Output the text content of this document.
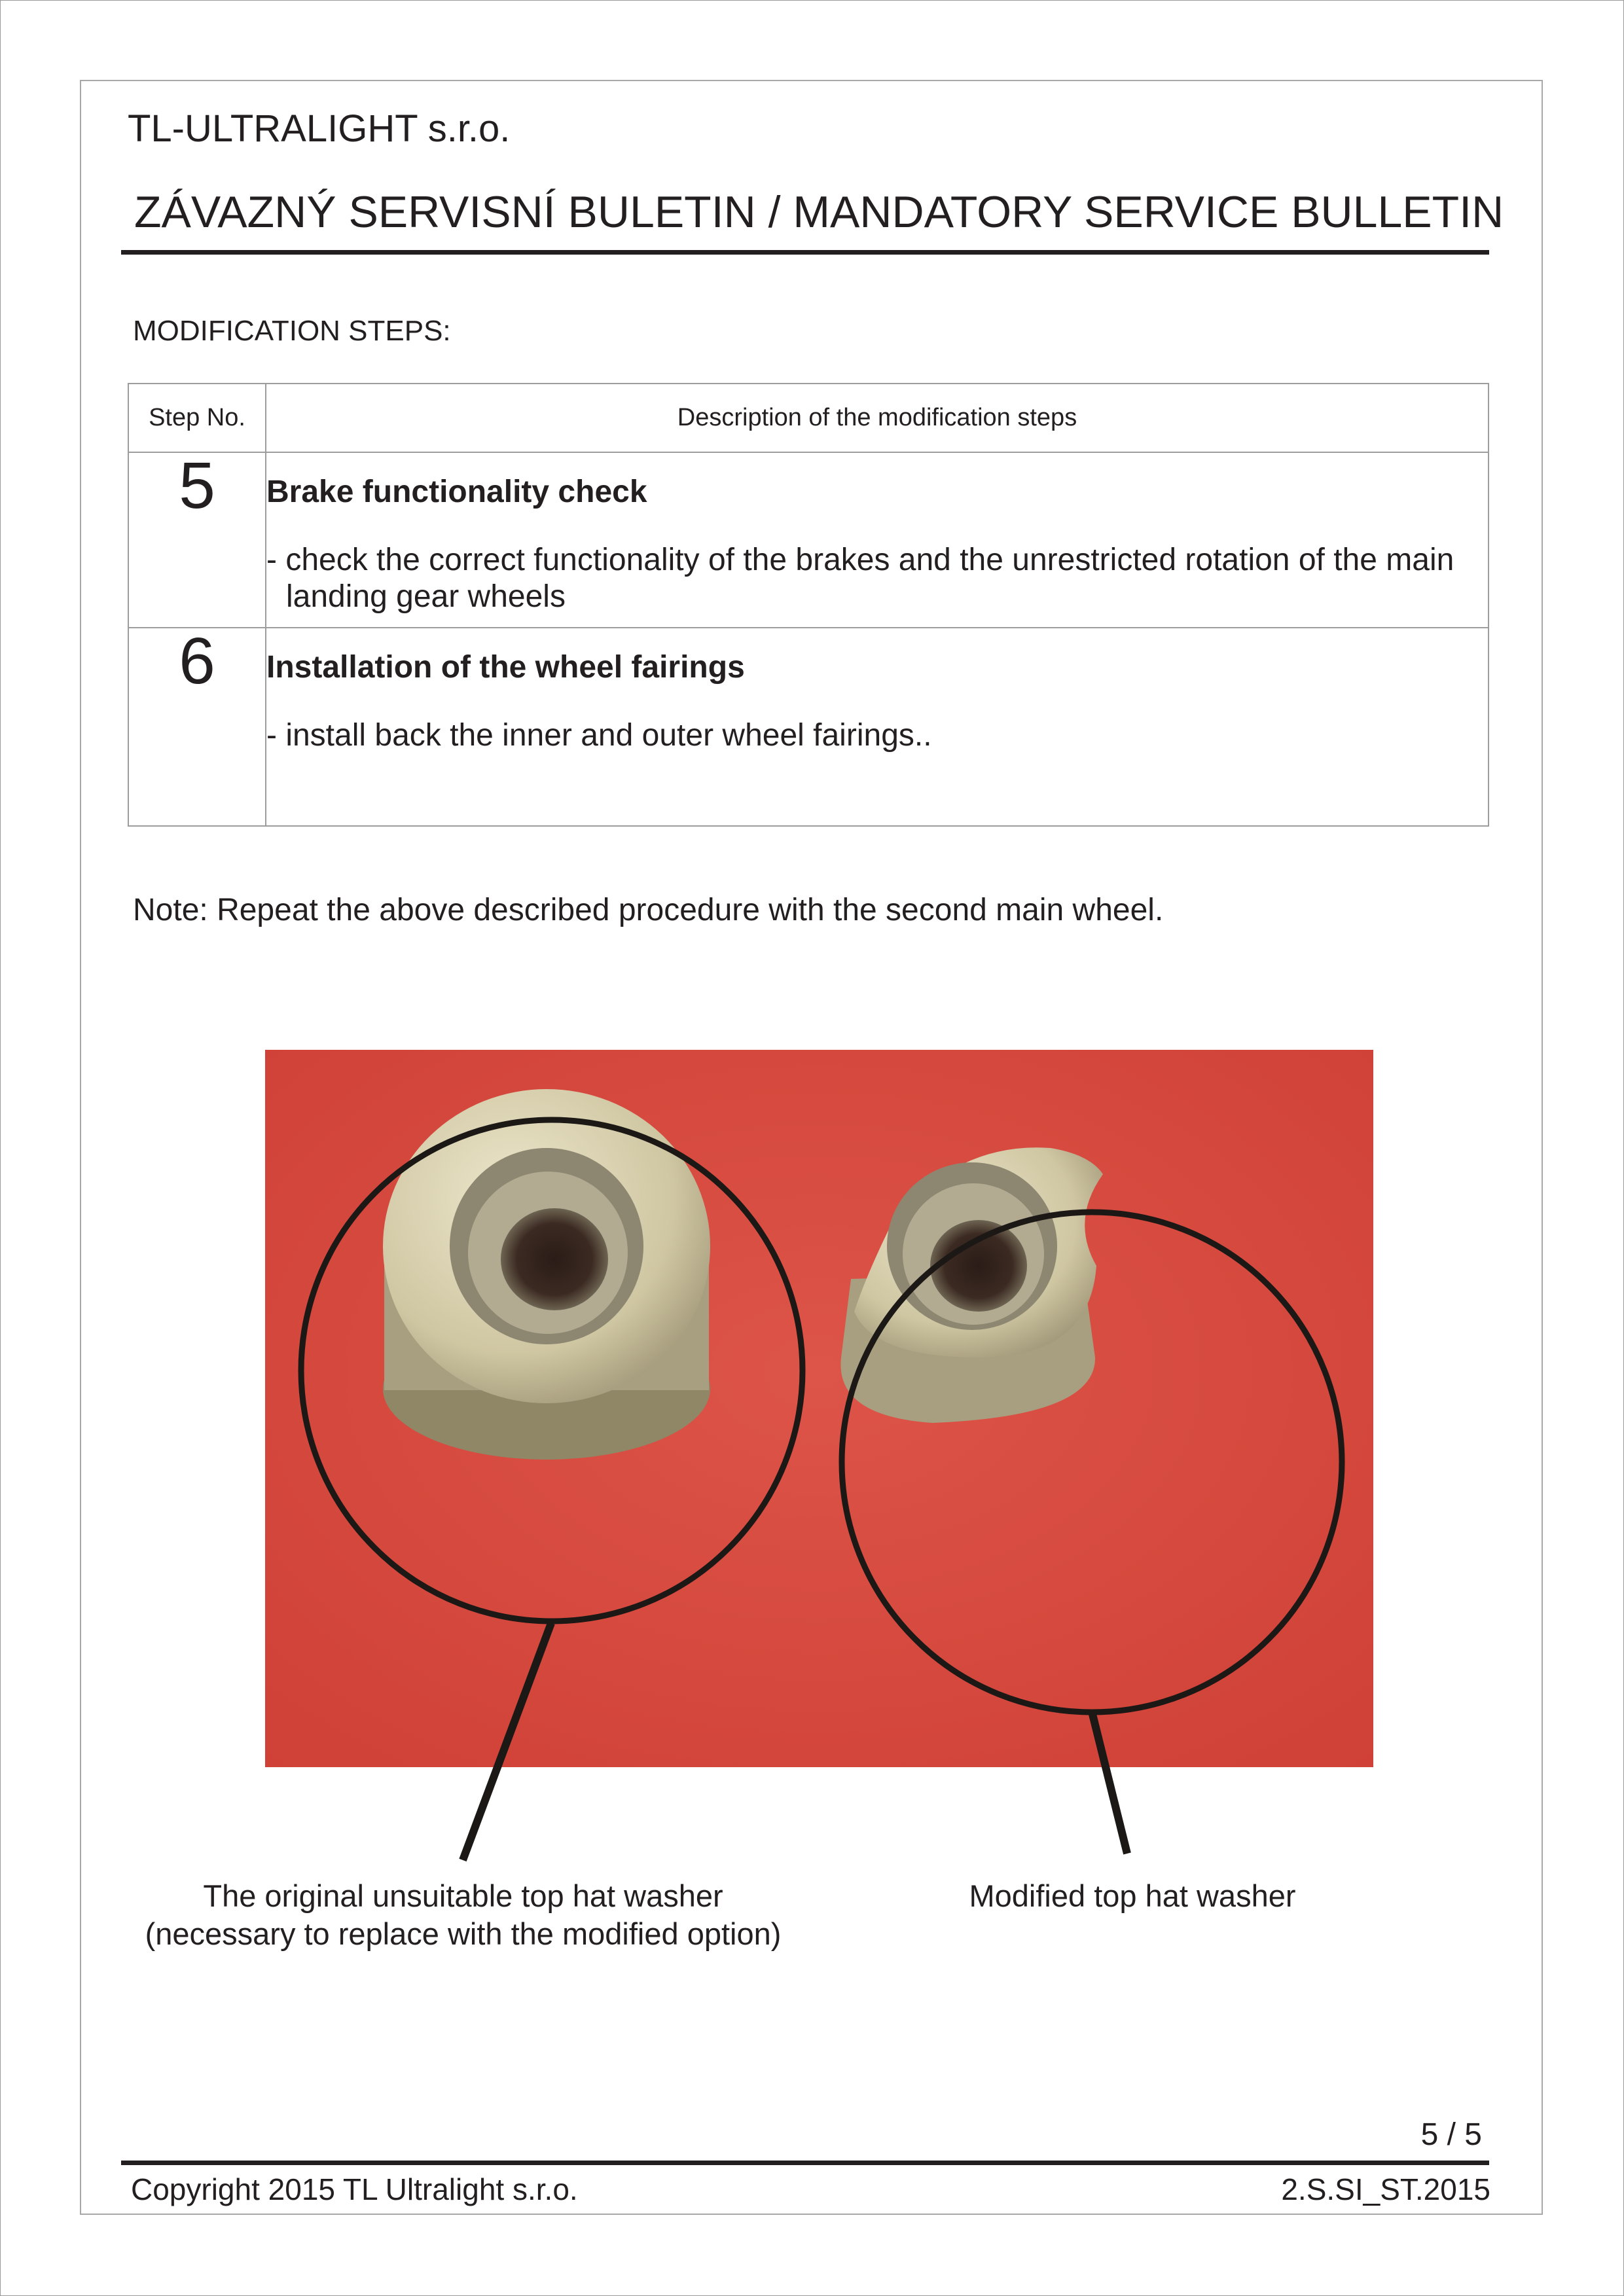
TL-ULTRALIGHT s.r.o.
ZÁVAZNÝ SERVISNÍ BULETIN / MANDATORY SERVICE BULLETIN
MODIFICATION STEPS:
Step No.	Description of the modification steps
5	Brake functionality check
- check the correct functionality of the brakes and the unrestricted rotation of the main landing gear wheels

6	Installation of the wheel fairings
- install back the inner and outer wheel fairings..
Note: Repeat the above described procedure with the second main wheel.
The original unsuitable top hat washer
(necessary to replace with the modified option)
Modified top hat washer
5 / 5
Copyright 2015 TL Ultralight s.r.o.	2.S.SI_ST.2015
